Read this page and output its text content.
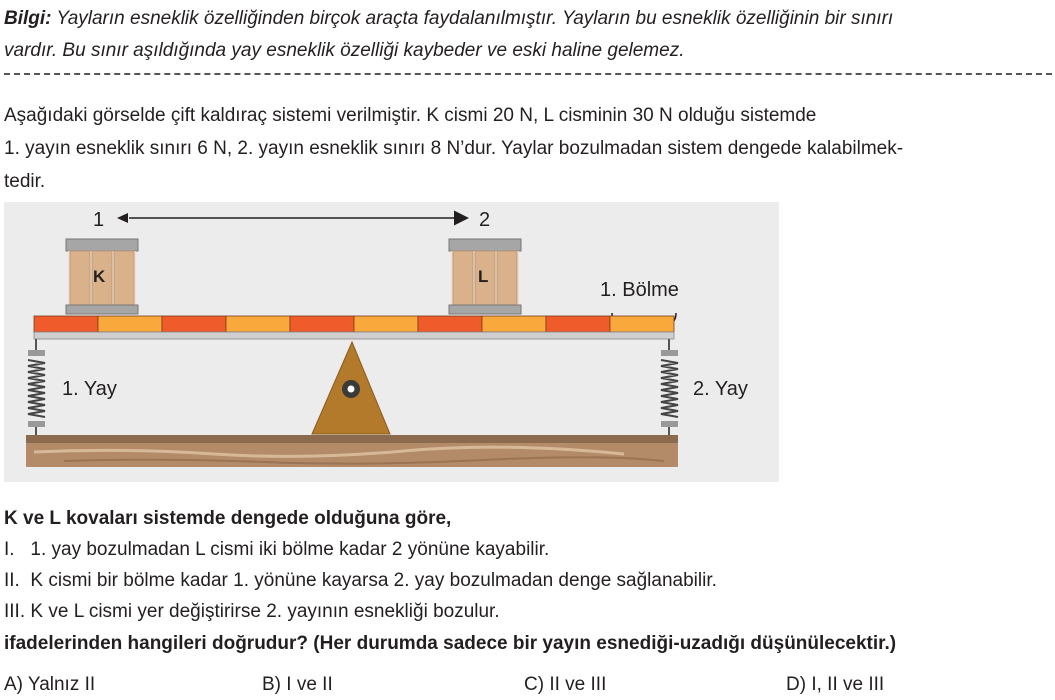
Bilgi: Yayların esneklik özelliğinden birçok araçta faydalanılmıştır. Yayların bu esneklik özelliğinin bir sınırı
vardır. Bu sınır aşıldığında yay esneklik özelliği kaybeder ve eski haline gelemez.
Aşağıdaki görselde çift kaldıraç sistemi verilmiştir. K cismi 20 N, L cisminin 30 N olduğu sistemde
1. yayın esneklik sınırı 6 N, 2. yayın esneklik sınırı 8 N’dur. Yaylar bozulmadan sistem dengede kalabilmek-
tedir.
1	2
K	L
1. Bölme
1. Yay	2. Yay
K ve L kovaları sistemde dengede olduğuna göre,
I.   1. yay bozulmadan L cismi iki bölme kadar 2 yönüne kayabilir.
II.  K cismi bir bölme kadar 1. yönüne kayarsa 2. yay bozulmadan denge sağlanabilir.
III. K ve L cismi yer değiştirirse 2. yayının esnekliği bozulur.
ifadelerinden hangileri doğrudur? (Her durumda sadece bir yayın esnediği-uzadığı düşünülecektir.)
A) Yalnız II	B) I ve II	C) II ve III	D) I, II ve III
